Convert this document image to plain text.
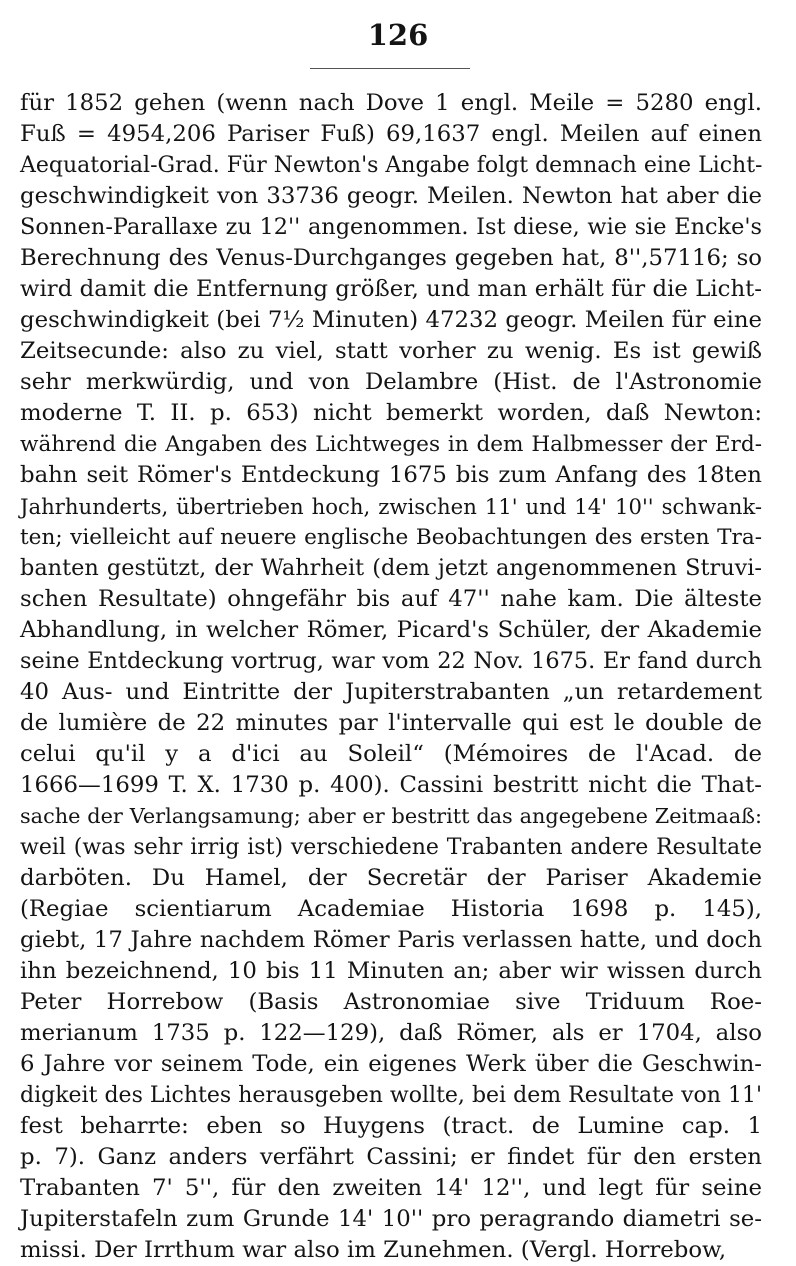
126
für 1852 gehen (wenn nach Dove 1 engl. Meile = 5280 engl.
Fuß = 4954,206 Pariser Fuß) 69,1637 engl. Meilen auf einen
Aequatorial-Grad. Für Newton's Angabe folgt demnach eine Licht-
geschwindigkeit von 33736 geogr. Meilen. Newton hat aber die
Sonnen-Parallaxe zu 12'' angenommen. Ist diese, wie sie Encke's
Berechnung des Venus-Durchganges gegeben hat, 8'',57116; so
wird damit die Entfernung größer, und man erhält für die Licht-
geschwindigkeit (bei 7½ Minuten) 47232 geogr. Meilen für eine
Zeitsecunde: also zu viel, statt vorher zu wenig. Es ist gewiß
sehr merkwürdig, und von Delambre (Hist. de l'Astronomie
moderne T. II. p. 653) nicht bemerkt worden, daß Newton:
während die Angaben des Lichtweges in dem Halbmesser der Erd-
bahn seit Römer's Entdeckung 1675 bis zum Anfang des 18ten
Jahrhunderts, übertrieben hoch, zwischen 11' und 14' 10'' schwank-
ten; vielleicht auf neuere englische Beobachtungen des ersten Tra-
banten gestützt, der Wahrheit (dem jetzt angenommenen Struvi-
schen Resultate) ohngefähr bis auf 47'' nahe kam. Die älteste
Abhandlung, in welcher Römer, Picard's Schüler, der Akademie
seine Entdeckung vortrug, war vom 22 Nov. 1675. Er fand durch
40 Aus- und Eintritte der Jupiterstrabanten „un retardement
de lumière de 22 minutes par l'intervalle qui est le double de
celui qu'il y a d'ici au Soleil“ (Mémoires de l'Acad. de
1666—1699 T. X. 1730 p. 400). Cassini bestritt nicht die That-
sache der Verlangsamung; aber er bestritt das angegebene Zeitmaaß:
weil (was sehr irrig ist) verschiedene Trabanten andere Resultate
darböten. Du Hamel, der Secretär der Pariser Akademie
(Regiae scientiarum Academiae Historia 1698 p. 145),
giebt, 17 Jahre nachdem Römer Paris verlassen hatte, und doch
ihn bezeichnend, 10 bis 11 Minuten an; aber wir wissen durch
Peter Horrebow (Basis Astronomiae sive Triduum Roe-
merianum 1735 p. 122—129), daß Römer, als er 1704, also
6 Jahre vor seinem Tode, ein eigenes Werk über die Geschwin-
digkeit des Lichtes herausgeben wollte, bei dem Resultate von 11'
fest beharrte: eben so Huygens (tract. de Lumine cap. 1
p. 7). Ganz anders verfährt Cassini; er findet für den ersten
Trabanten 7' 5'', für den zweiten 14' 12'', und legt für seine
Jupiterstafeln zum Grunde 14' 10'' pro peragrando diametri se-
missi. Der Irrthum war also im Zunehmen. (Vergl. Horrebow,
